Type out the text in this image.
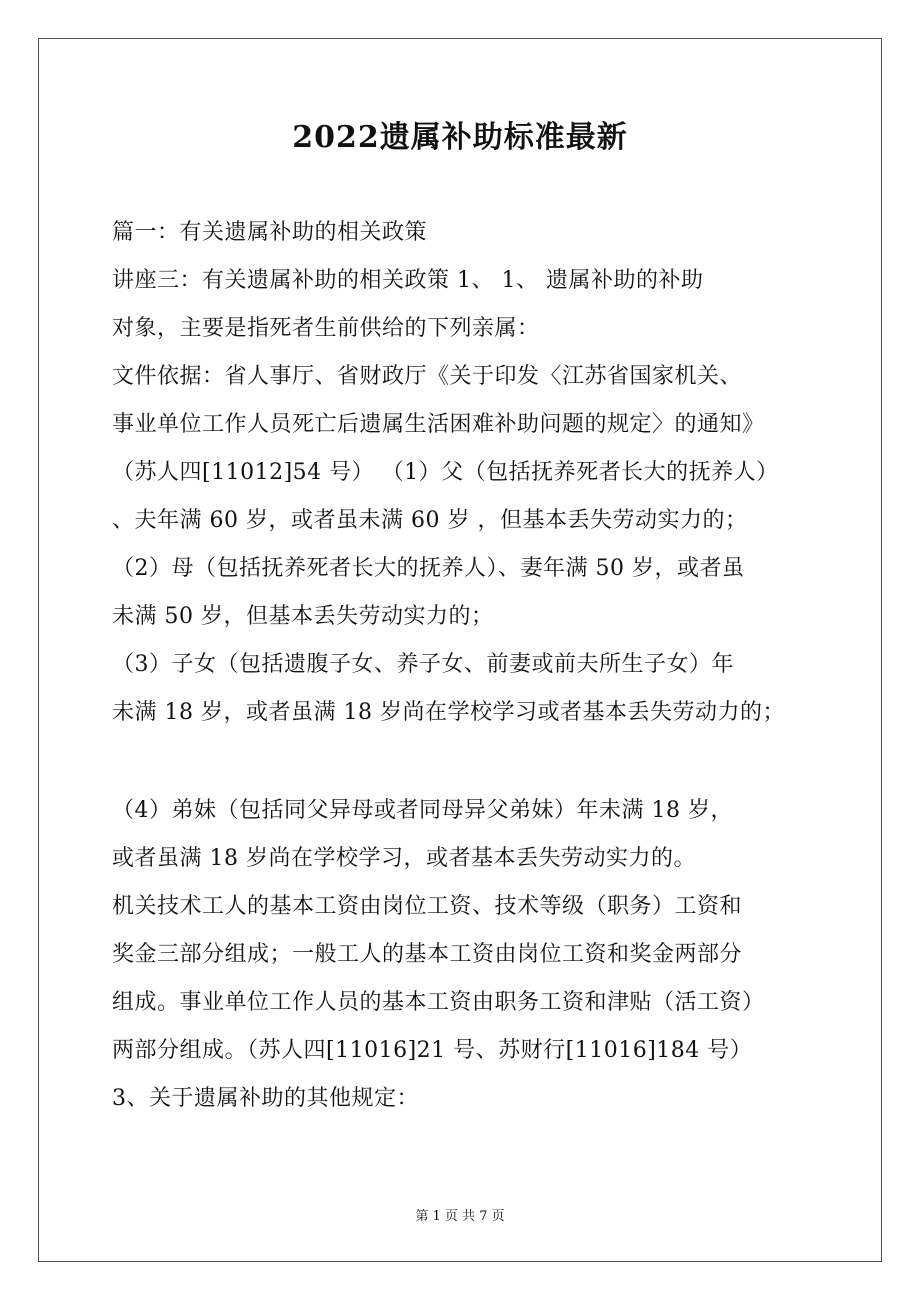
2022遗属补助标准最新
篇一：有关遗属补助的相关政策
讲座三：有关遗属补助的相关政策 1、 1、 遗属补助的补助
对象，主要是指死者生前供给的下列亲属：
文件依据：省人事厅、省财政厅《关于印发〈江苏省国家机关、
事业单位工作人员死亡后遗属生活困难补助问题的规定〉的通知》
（苏人四[11012]54 号） （1）父（包括抚养死者长大的抚养人）
、夫年满 60 岁，或者虽未满 60 岁 ，但基本丢失劳动实力的；
（2）母（包括抚养死者长大的抚养人）、妻年满 50 岁，或者虽
未满 50 岁，但基本丢失劳动实力的；
（3）子女（包括遗腹子女、养子女、前妻或前夫所生子女）年
未满 18 岁，或者虽满 18 岁尚在学校学习或者基本丢失劳动力的；
（4）弟妹（包括同父异母或者同母异父弟妹）年未满 18 岁，
或者虽满 18 岁尚在学校学习，或者基本丢失劳动实力的。
机关技术工人的基本工资由岗位工资、技术等级（职务）工资和
奖金三部分组成；一般工人的基本工资由岗位工资和奖金两部分
组成。事业单位工作人员的基本工资由职务工资和津贴（活工资）
两部分组成。（苏人四[11016]21 号、苏财行[11016]184 号）
3、关于遗属补助的其他规定：
第 1 页 共 7 页
